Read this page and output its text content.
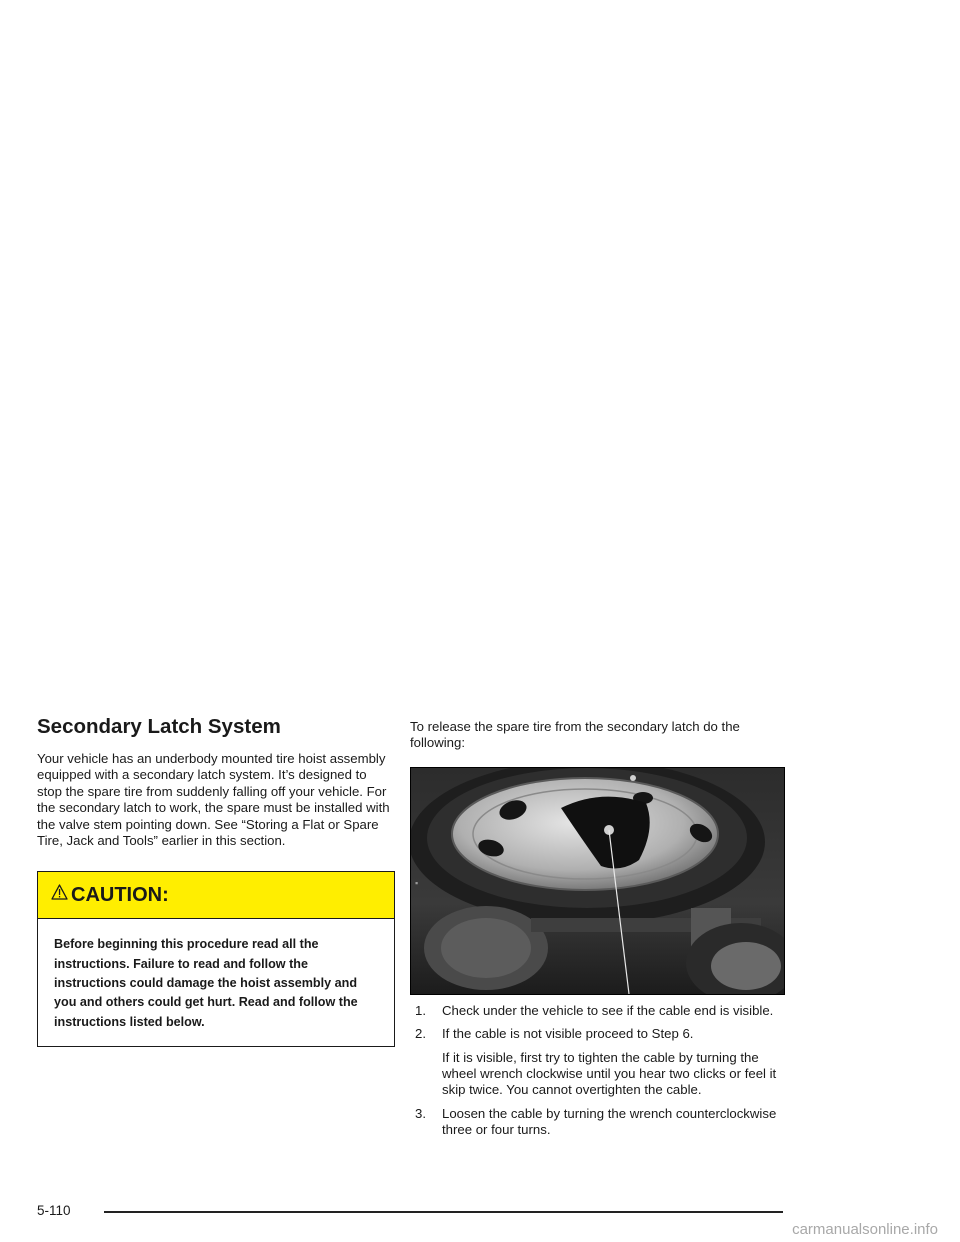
Secondary Latch System

Your vehicle has an underbody mounted tire hoist assembly equipped with a secondary latch system. It’s designed to stop the spare tire from suddenly falling off your vehicle. For the secondary latch to work, the spare must be installed with the valve stem pointing down. See “Storing a Flat or Spare Tire, Jack and Tools” earlier in this section.

CAUTION:
Before beginning this procedure read all the instructions. Failure to read and follow the instructions could damage the hoist assembly and you and others could get hurt. Read and follow the instructions listed below.

To release the spare tire from the secondary latch do the following:

▪
1.	Check under the vehicle to see if the cable end is visible.
2.	If the cable is not visible proceed to Step 6.
If it is visible, first try to tighten the cable by turning the wheel wrench clockwise until you hear two clicks or feel it skip twice. You cannot overtighten the cable.
3.	Loosen the cable by turning the wrench counterclockwise three or four turns.
5-110
carmanualsonline.info
